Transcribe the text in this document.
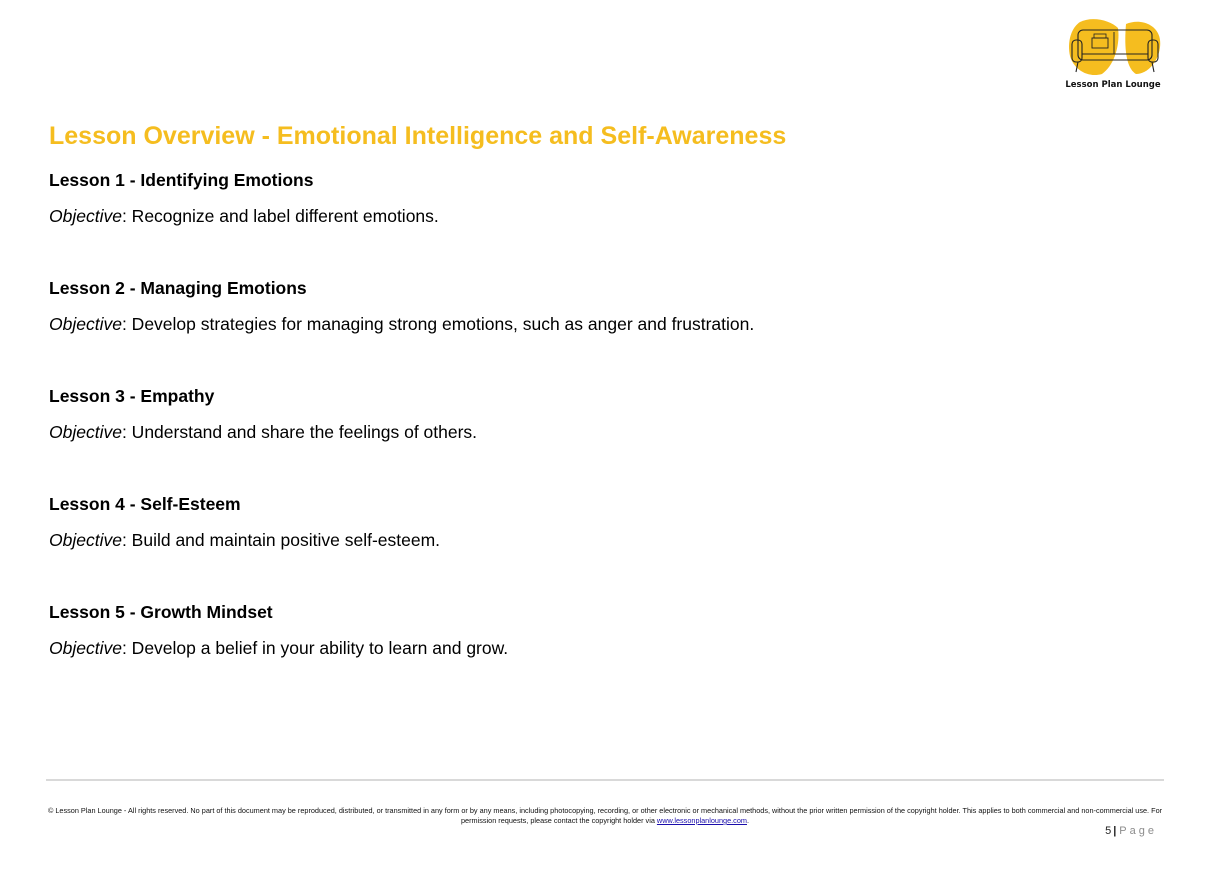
Lesson Plan Lounge
Lesson Overview - Emotional Intelligence and Self-Awareness

Lesson 1 - Identifying Emotions

Objective: Recognize and label different emotions.

Lesson 2 - Managing Emotions

Objective: Develop strategies for managing strong emotions, such as anger and frustration.

Lesson 3 - Empathy

Objective: Understand and share the feelings of others.

Lesson 4 - Self-Esteem

Objective: Build and maintain positive self-esteem.

Lesson 5 - Growth Mindset

Objective: Develop a belief in your ability to learn and grow.

© Lesson Plan Lounge - All rights reserved. No part of this document may be reproduced, distributed, or transmitted in any form or by any means, including photocopying, recording, or other electronic or mechanical methods, without the prior written permission of the copyright holder. This applies to both commercial and non-commercial use. For permission requests, please contact the copyright holder via www.lessonplanlounge.com.
5 | Page
